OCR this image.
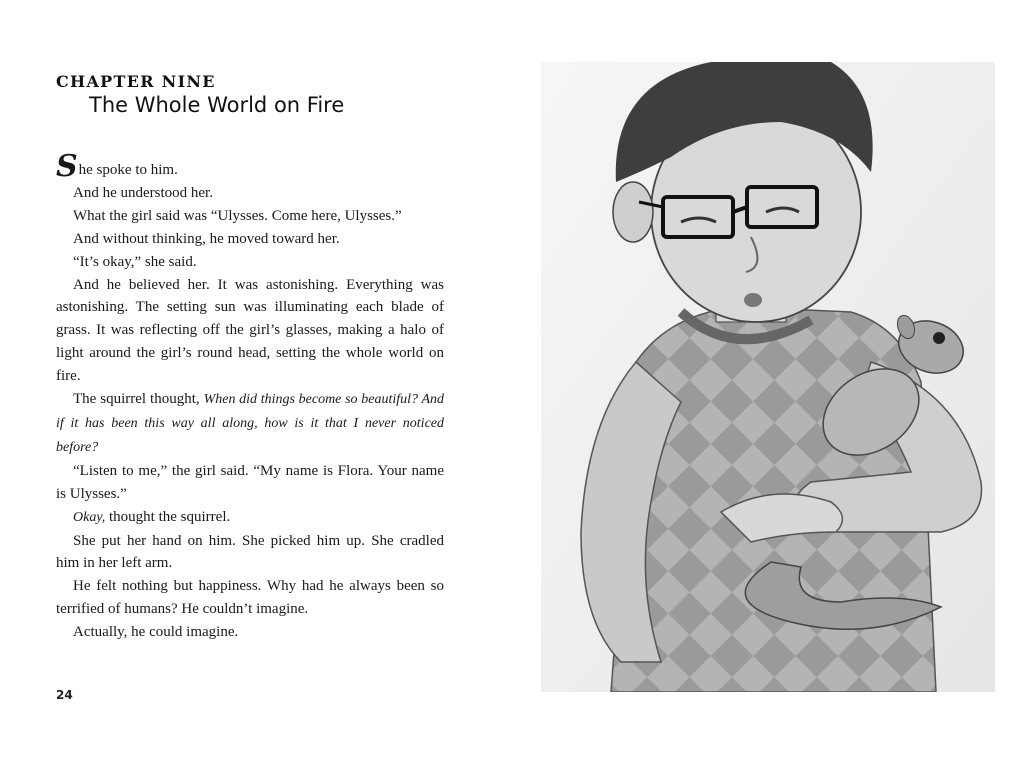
CHAPTER NINE
The Whole World on Fire

She spoke to him.

And he understood her.

What the girl said was “Ulysses. Come here, Ulysses.”

And without thinking, he moved toward her.

“It’s okay,” she said.

And he believed her. It was astonishing. Everything was astonishing. The setting sun was illuminating each blade of grass. It was reflecting off the girl’s glasses, making a halo of light around the girl’s round head, setting the whole world on fire.

The squirrel thought, When did things become so beautiful? And if it has been this way all along, how is it that I never noticed before?

“Listen to me,” the girl said. “My name is Flora. Your name is Ulysses.”

Okay, thought the squirrel.

She put her hand on him. She picked him up. She cradled him in her left arm.

He felt nothing but happiness. Why had he always been so terrified of humans? He couldn’t imagine.

Actually, he could imagine.

24
